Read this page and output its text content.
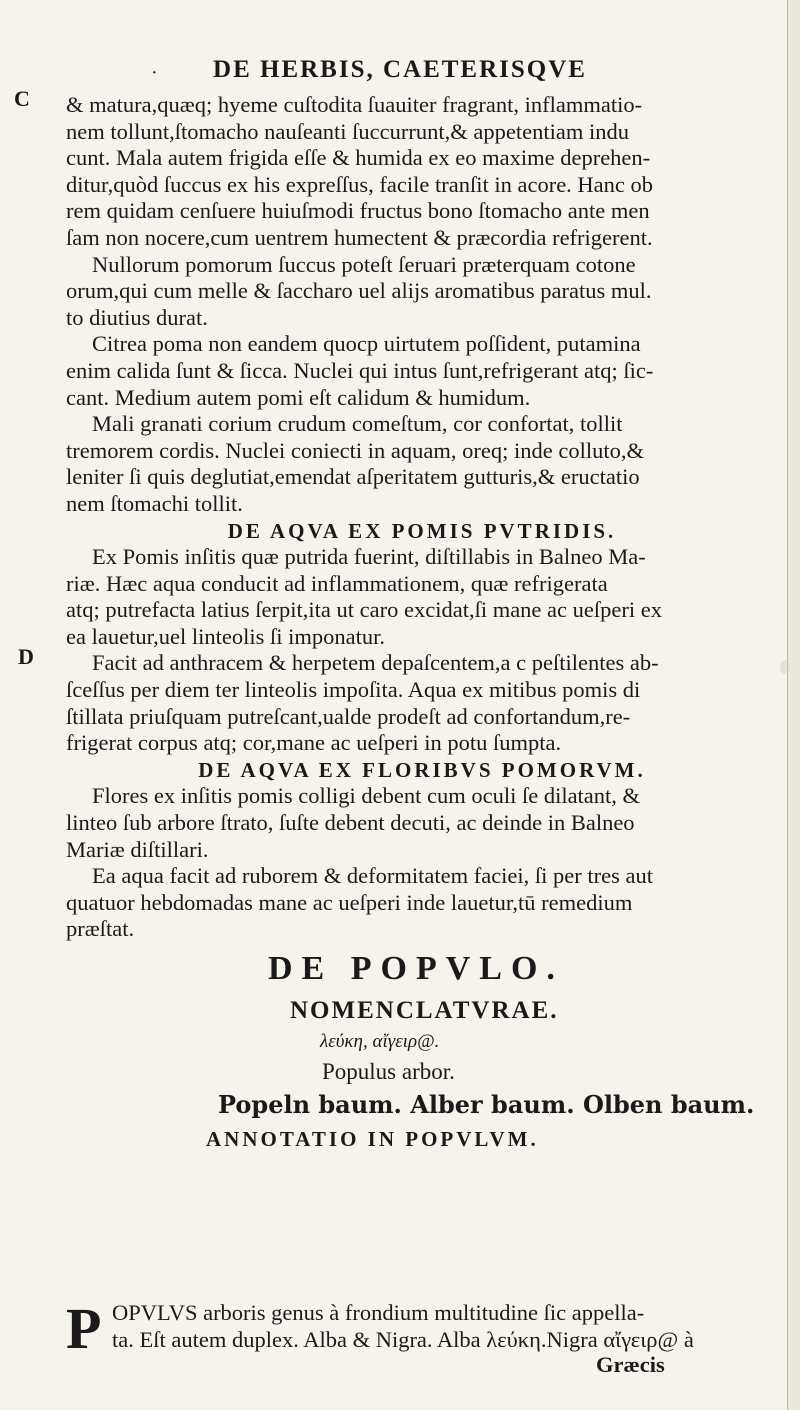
·	DE HERBIS, CAETERISQVE
C
D
& matura,quæq; hyeme cuſtodita ſuauiter fragrant, inflammatio-
nem tollunt,ſtomacho nauſeanti ſuccurrunt,& appetentiam indu
cunt. Mala autem frigida eſſe & humida ex eo maxime deprehen-
ditur,quòd ſuccus ex his expreſſus, facile tranſit in acore. Hanc ob
rem quidam cenſuere huiuſmodi fructus bono ſtomacho ante men
ſam non nocere,cum uentrem humectent & præcordia refrigerent.
Nullorum pomorum ſuccus poteſt ſeruari præterquam cotone
orum,qui cum melle & ſaccharo uel alijs aromatibus paratus mul.
to diutius durat.
Citrea poma non eandem quocp uirtutem poſſident, putamina
enim calida ſunt & ſicca. Nuclei qui intus ſunt,refrigerant atq; ſic-
cant. Medium autem pomi eſt calidum & humidum.
Mali granati corium crudum comeſtum, cor confortat, tollit
tremorem cordis. Nuclei coniecti in aquam, oreq; inde colluto,&
leniter ſi quis deglutiat,emendat aſperitatem gutturis,& eructatio
nem ſtomachi tollit.
DE AQVA EX POMIS PVTRIDIS.
Ex Pomis inſitis quæ putrida fuerint, diſtillabis in Balneo Ma-
riæ. Hæc aqua conducit ad inflammationem, quæ refrigerata
atq; putrefacta latius ſerpit,ita ut caro excidat,ſi mane ac ueſperi ex
ea lauetur,uel linteolis ſi imponatur.
Facit ad anthracem & herpetem depaſcentem,a c peſtilentes ab-
ſceſſus per diem ter linteolis impoſita. Aqua ex mitibus pomis di
ſtillata priuſquam putreſcant,ualde prodeſt ad confortandum,re-
frigerat corpus atq; cor,mane ac ueſperi in potu ſumpta.
DE AQVA EX FLORIBVS POMORVM.
Flores ex inſitis pomis colligi debent cum oculi ſe dilatant, &
linteo ſub arbore ſtrato, ſuſte debent decuti, ac deinde in Balneo
Mariæ diſtillari.
Ea aqua facit ad ruborem & deformitatem faciei, ſi per tres aut
quatuor hebdomadas mane ac ueſperi inde lauetur,tū remedium
præſtat.
DE POPVLO.
NOMENCLATVRAE.
λεύκη, αἴγειρ@.
Populus arbor.
Popeln baum. Alber baum. Olben baum.
ANNOTATIO IN POPVLVM.
P OPVLVS arboris genus à frondium multitudine ſic appella-
ta. Eſt autem duplex. Alba & Nigra. Alba λεύκη.Nigra αἴγειρ@ à
Græcis
